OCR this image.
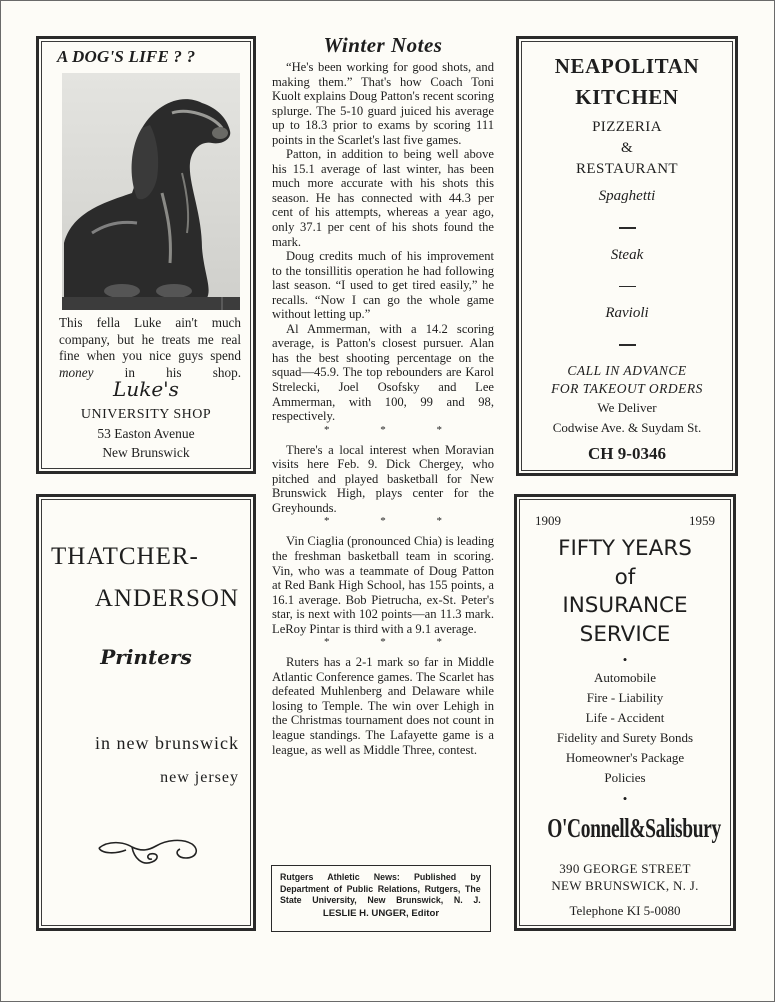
A DOG'S LIFE ? ?
This fella Luke ain't much company, but he treats me real fine when you nice guys spend money in his shop.
Luke's
UNIVERSITY SHOP
53 Easton Avenue
New Brunswick
THATCHER-
ANDERSON
Printers
in new brunswick
new jersey
Winter Notes

“He's been working for good shots, and making them.” That's how Coach Toni Kuolt explains Doug Patton's recent scoring splurge. The 5-10 guard juiced his average up to 18.3 prior to exams by scoring 111 points in the Scarlet's last five games.

Patton, in addition to being well above his 15.1 average of last winter, has been much more accurate with his shots this season. He has connected with 44.3 per cent of his attempts, whereas a year ago, only 37.1 per cent of his shots found the mark.

Doug credits much of his improvement to the tonsillitis operation he had following last season. “I used to get tired easily,” he recalls. “Now I can go the whole game without letting up.”

Al Ammerman, with a 14.2 scoring average, is Patton's closest pursuer. Alan has the best shooting percentage on the squad—45.9. The top rebounders are Karol Strelecki, Joel Osofsky and Lee Ammerman, with 100, 99 and 98, respectively.

* * *

There's a local interest when Moravian visits here Feb. 9. Dick Chergey, who pitched and played basketball for New Brunswick High, plays center for the Greyhounds.

* * *

Vin Ciaglia (pronounced Chia) is leading the freshman basketball team in scoring. Vin, who was a teammate of Doug Patton at Red Bank High School, has 155 points, a 16.1 average. Bob Pietrucha, ex-St. Peter's star, is next with 102 points—an 11.3 mark. LeRoy Pintar is third with a 9.1 average.

* * *

Ruters has a 2-1 mark so far in Middle Atlantic Conference games. The Scarlet has defeated Muhlenberg and Delaware while losing to Temple. The win over Lehigh in the Christmas tournament does not count in league standings. The Lafayette game is a league, as well as Middle Three, contest.

Rutgers Athletic News: Published by Department of Public Relations, Rutgers, The State University, New Brunswick, N. J.
LESLIE H. UNGER, Editor
NEAPOLITAN
KITCHEN
PIZZERIA
&
RESTAURANT
Spaghetti
Steak
Ravioli
CALL IN ADVANCE
FOR TAKEOUT ORDERS
We Deliver
Codwise Ave. & Suydam St.
CH 9-0346
1909	1959
FIFTY YEARS
of
INSURANCE
SERVICE
•
Automobile
Fire - Liability
Life - Accident
Fidelity and Surety Bonds
Homeowner's Package
Policies
•
O'Connell&Salisbury
390 GEORGE STREET
NEW BRUNSWICK, N. J.
Telephone KI 5-0080
